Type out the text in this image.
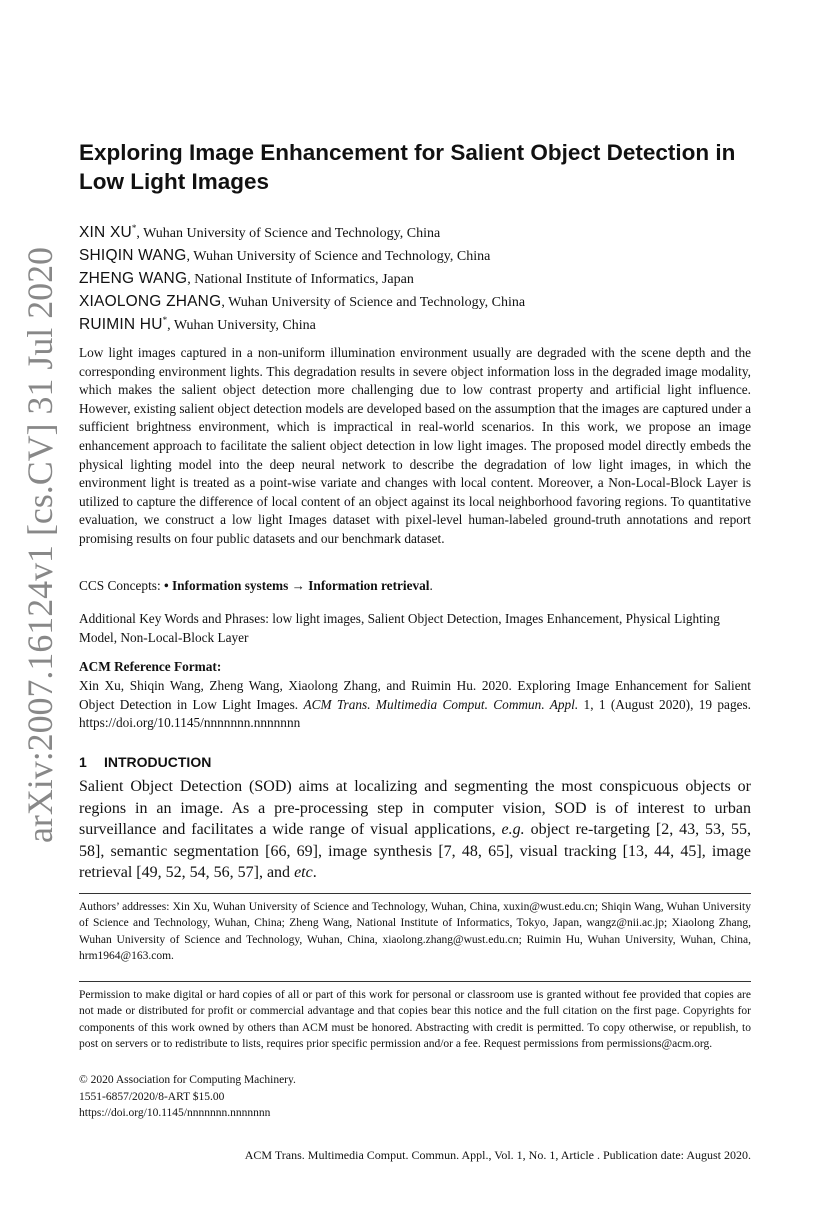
arXiv:2007.16124v1 [cs.CV] 31 Jul 2020
Exploring Image Enhancement for Salient Object Detection in Low Light Images
XIN XU*, Wuhan University of Science and Technology, China
SHIQIN WANG, Wuhan University of Science and Technology, China
ZHENG WANG, National Institute of Informatics, Japan
XIAOLONG ZHANG, Wuhan University of Science and Technology, China
RUIMIN HU*, Wuhan University, China

Low light images captured in a non-uniform illumination environment usually are degraded with the scene depth and the corresponding environment lights. This degradation results in severe object information loss in the degraded image modality, which makes the salient object detection more challenging due to low contrast property and artificial light influence. However, existing salient object detection models are developed based on the assumption that the images are captured under a sufficient brightness environment, which is impractical in real-world scenarios. In this work, we propose an image enhancement approach to facilitate the salient object detection in low light images. The proposed model directly embeds the physical lighting model into the deep neural network to describe the degradation of low light images, in which the environment light is treated as a point-wise variate and changes with local content. Moreover, a Non-Local-Block Layer is utilized to capture the difference of local content of an object against its local neighborhood favoring regions. To quantitative evaluation, we construct a low light Images dataset with pixel-level human-labeled ground-truth annotations and report promising results on four public datasets and our benchmark dataset.

CCS Concepts: • Information systems → Information retrieval.

Additional Key Words and Phrases: low light images, Salient Object Detection, Images Enhancement, Physical Lighting Model, Non-Local-Block Layer

ACM Reference Format:

Xin Xu, Shiqin Wang, Zheng Wang, Xiaolong Zhang, and Ruimin Hu. 2020. Exploring Image Enhancement for Salient Object Detection in Low Light Images. ACM Trans. Multimedia Comput. Commun. Appl. 1, 1 (August 2020), 19 pages. https://doi.org/10.1145/nnnnnnn.nnnnnnn

1 INTRODUCTION

Salient Object Detection (SOD) aims at localizing and segmenting the most conspicuous objects or regions in an image. As a pre-processing step in computer vision, SOD is of interest to urban surveillance and facilitates a wide range of visual applications, e.g. object re-targeting [2, 43, 53, 55, 58], semantic segmentation [66, 69], image synthesis [7, 48, 65], visual tracking [13, 44, 45], image retrieval [49, 52, 54, 56, 57], and etc.

Authors’ addresses: Xin Xu, Wuhan University of Science and Technology, Wuhan, China, xuxin@wust.edu.cn; Shiqin Wang, Wuhan University of Science and Technology, Wuhan, China; Zheng Wang, National Institute of Informatics, Tokyo, Japan, wangz@nii.ac.jp; Xiaolong Zhang, Wuhan University of Science and Technology, Wuhan, China, xiaolong.zhang@wust.edu.cn; Ruimin Hu, Wuhan University, Wuhan, China, hrm1964@163.com.

Permission to make digital or hard copies of all or part of this work for personal or classroom use is granted without fee provided that copies are not made or distributed for profit or commercial advantage and that copies bear this notice and the full citation on the first page. Copyrights for components of this work owned by others than ACM must be honored. Abstracting with credit is permitted. To copy otherwise, or republish, to post on servers or to redistribute to lists, requires prior specific permission and/or a fee. Request permissions from permissions@acm.org.

© 2020 Association for Computing Machinery.

1551-6857/2020/8-ART $15.00

https://doi.org/10.1145/nnnnnnn.nnnnnnn

ACM Trans. Multimedia Comput. Commun. Appl., Vol. 1, No. 1, Article . Publication date: August 2020.
